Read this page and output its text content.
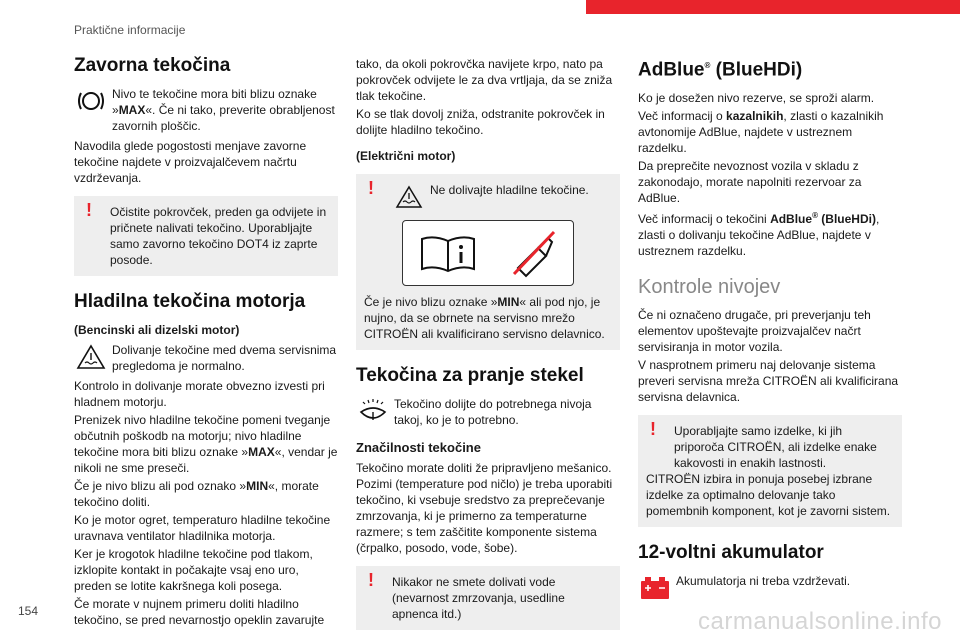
Praktične informacije
Zavorna tekočina

Nivo te tekočine mora biti blizu oznake »MAX«. Če ni tako, preverite obrabljenost zavornih ploščic.

Navodila glede pogostosti menjave zavorne tekočine najdete v proizvajalčevem načrtu vzdrževanja.

!	Očistite pokrovček, preden ga odvijete in pričnete nalivati tekočino. Uporabljajte samo zavorno tekočino DOT4 iz zaprte posode.
Hladilna tekočina motorja
(Bencinski ali dizelski motor)

Dolivanje tekočine med dvema servisnima pregledoma je normalno.

Kontrolo in dolivanje morate obvezno izvesti pri hladnem motorju.

Prenizek nivo hladilne tekočine pomeni tveganje občutnih poškodb na motorju; nivo hladilne tekočine mora biti blizu oznake »MAX«, vendar je nikoli ne sme preseči.

Če je nivo blizu ali pod oznako »MIN«, morate tekočino doliti.

Ko je motor ogret, temperaturo hladilne tekočine uravnava ventilator hladilnika motorja.

Ker je krogotok hladilne tekočine pod tlakom, izklopite kontakt in počakajte vsaj eno uro, preden se lotite kakršnega koli posega.

Če morate v nujnem primeru doliti hladilno tekočino, se pred nevarnostjo opeklin zavarujte

tako, da okoli pokrovčka navijete krpo, nato pa pokrovček odvijete le za dva vrtljaja, da se zniža tlak tekočine.

Ko se tlak dovolj zniža, odstranite pokrovček in dolijte hladilno tekočino.

(Električni motor)
!	Ne dolivajte hladilne tekočine.

Če je nivo blizu oznake »MIN« ali pod njo, je nujno, da se obrnete na servisno mrežo CITROËN ali kvalificirano servisno delavnico.
Tekočina za pranje stekel

Tekočino dolijte do potrebnega nivoja takoj, ko je to potrebno.

Značilnosti tekočine

Tekočino morate doliti že pripravljeno mešanico. Pozimi (temperature pod ničlo) je treba uporabiti tekočino, ki vsebuje sredstvo za preprečevanje zmrzovanja, ki je primerno za temperaturne razmere; s tem zaščitite komponente sistema (črpalko, posodo, vode, šobe).

!	Nikakor ne smete dolivati vode (nevarnost zmrzovanja, usedline apnenca itd.)
AdBlue® (BlueHDi)

Ko je dosežen nivo rezerve, se sproži alarm.

Več informacij o kazalnikih, zlasti o kazalnikih avtonomije AdBlue, najdete v ustreznem razdelku.

Da preprečite nevoznost vozila v skladu z zakonodajo, morate napolniti rezervoar za AdBlue.

Več informacij o tekočini AdBlue® (BlueHDi), zlasti o dolivanju tekočine AdBlue, najdete v ustreznem razdelku.

Kontrole nivojev

Če ni označeno drugače, pri preverjanju teh elementov upoštevajte proizvajalčev načrt servisiranja in motor vozila.

V nasprotnem primeru naj delovanje sistema preveri servisna mreža CITROËN ali kvalificirana servisna delavnica.

!	Uporabljajte samo izdelke, ki jih priporoča CITROËN, ali izdelke enake kakovosti in enakih lastnosti.
CITROËN izbira in ponuja posebej izbrane izdelke za optimalno delovanje tako pomembnih komponent, kot je zavorni sistem.
12-voltni akumulator

Akumulatorja ni treba vzdrževati.

154	carmanualsonline.info
